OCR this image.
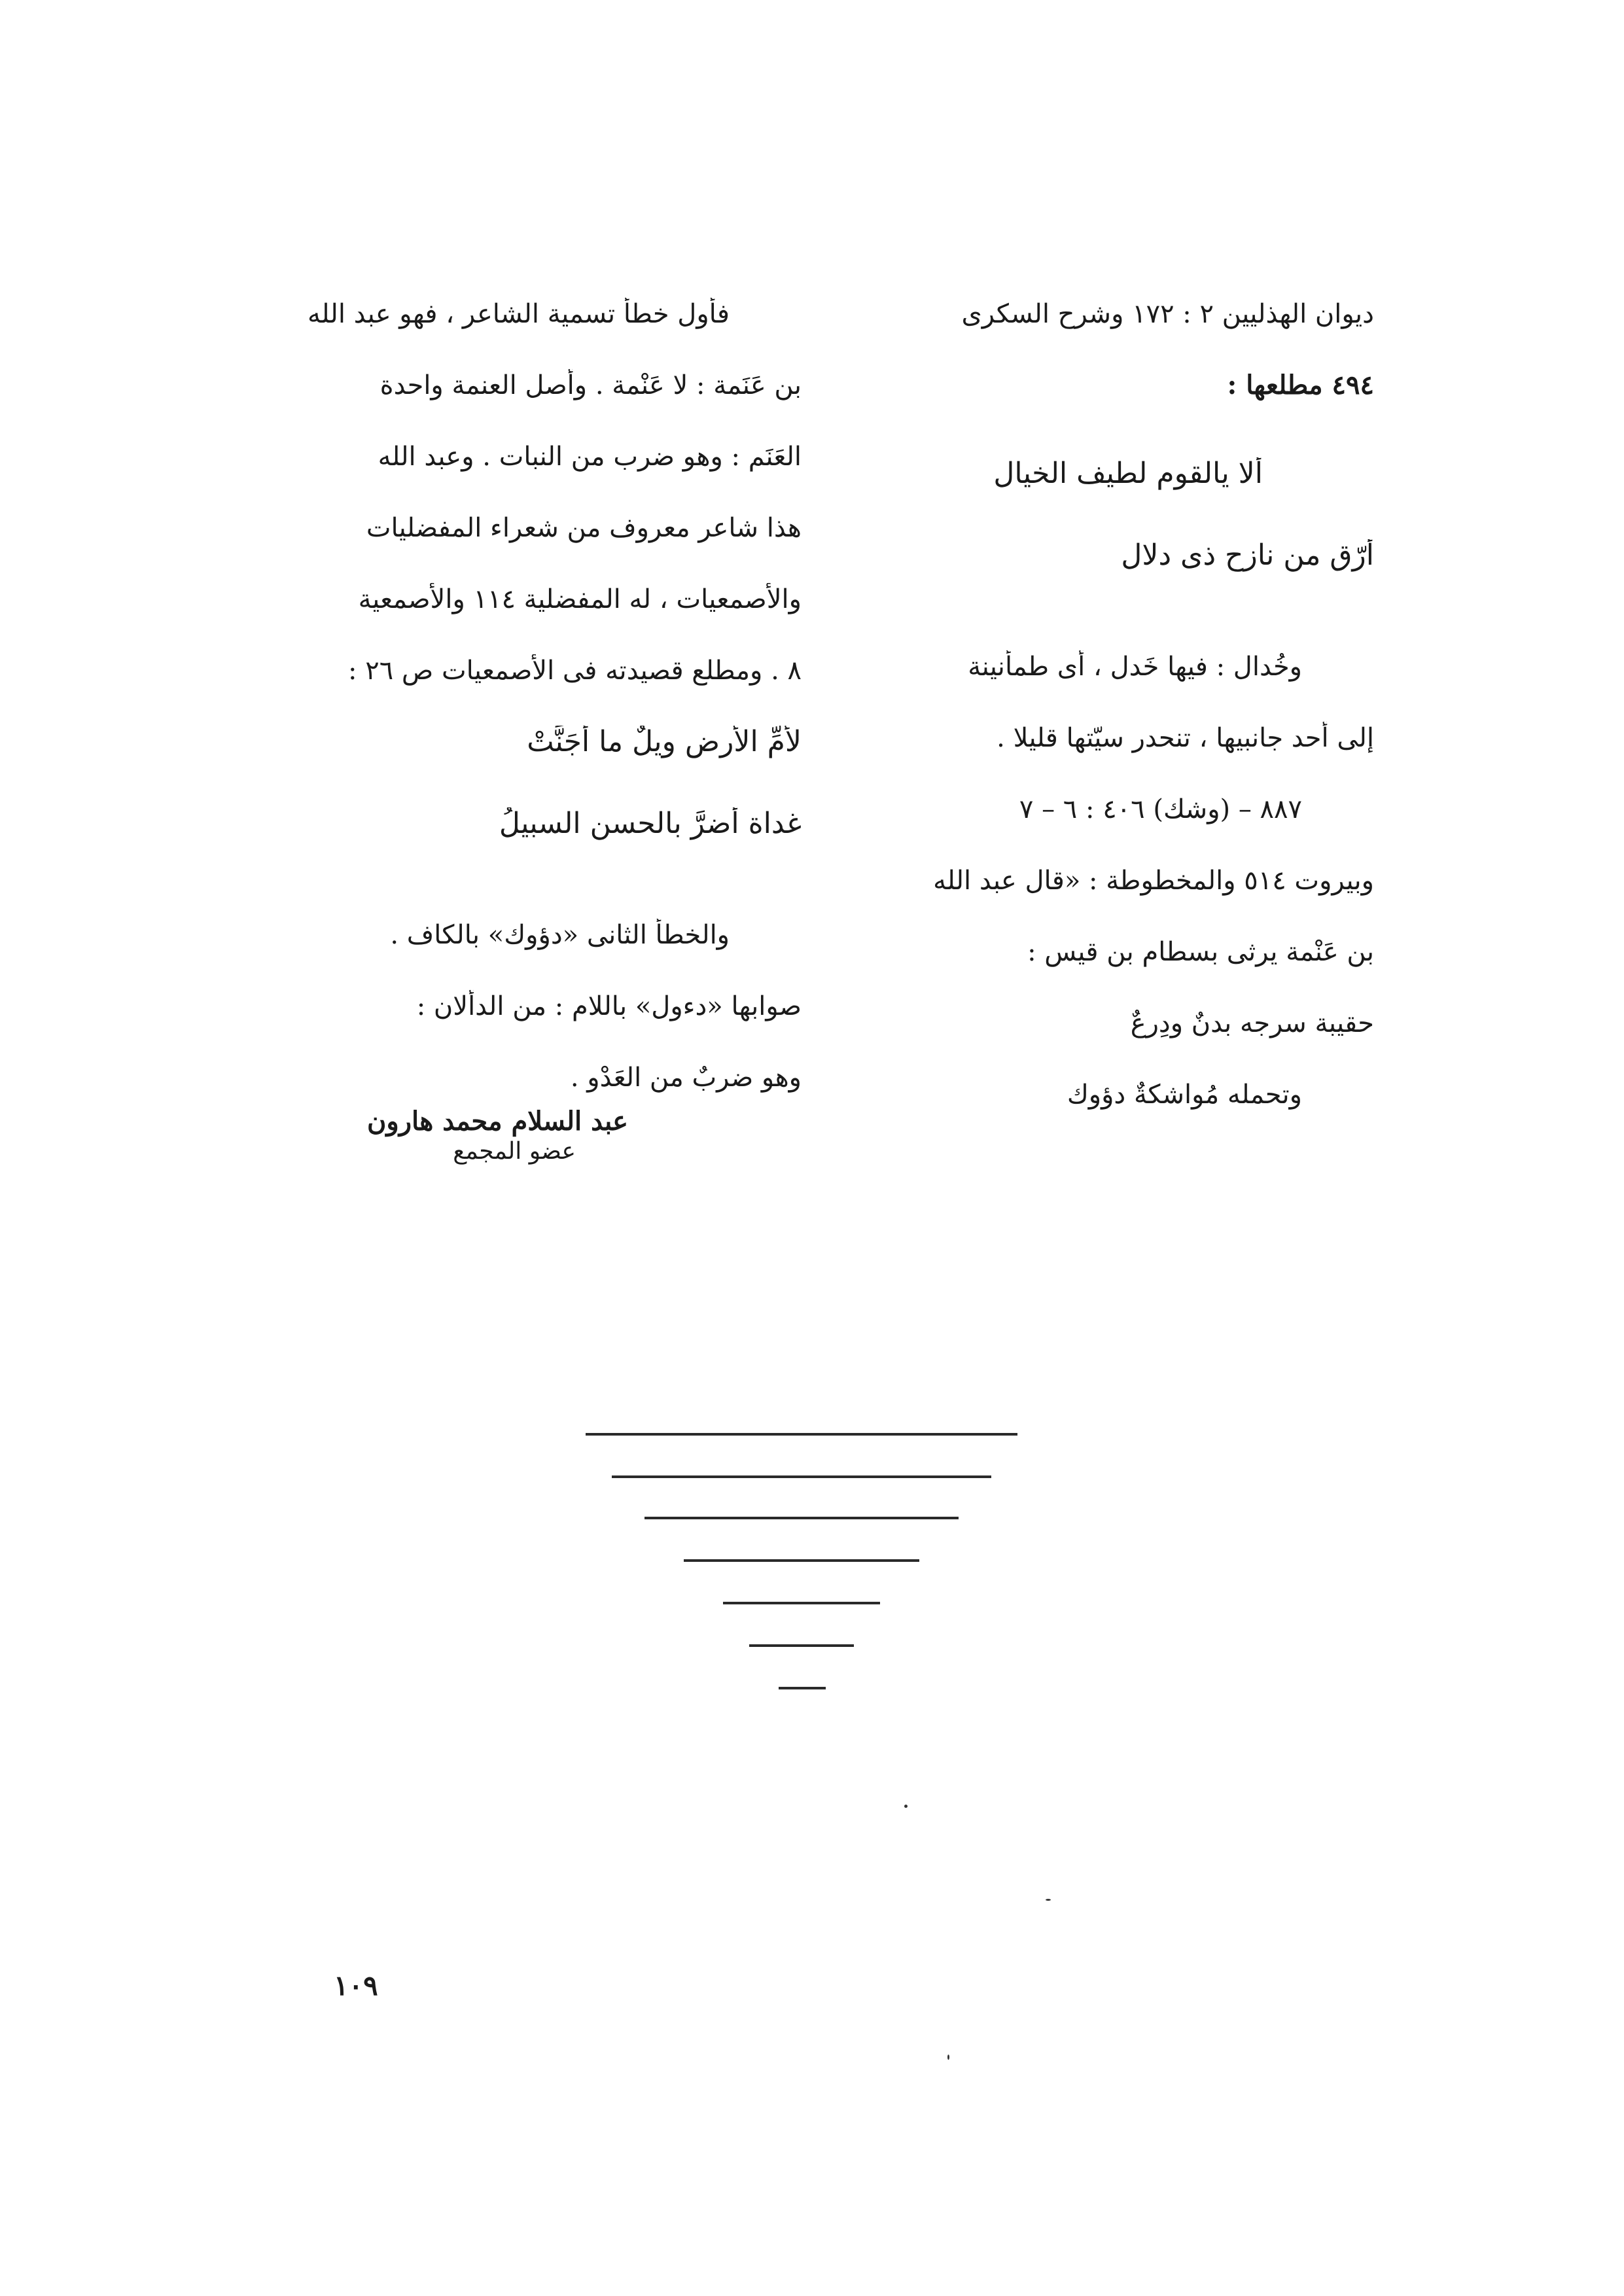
ديوان الهذليين ٢ : ١٧٢ وشرح السكرى
٤٩٤ مطلعها :
ألا يالقوم لطيف الخيال
أرّق من نازح ذى دلال
وخُدال : فيها خَدل ، أى طمأنينة
إلى أحد جانبيها ، تنحدر سيّتها قليلا .
٨٨٧ – (وشك) ٤٠٦ : ٦ – ٧
وبيروت ٥١٤ والمخطوطة : «قال عبد الله
بن عَنْمة يرثى بسطام بن قيس :
حقيبة سرجه بدنٌ ودِرعٌ
وتحمله مُواشكةٌ دؤوك
فأول خطأ تسمية الشاعر ، فهو عبد الله
بن عَنَمة : لا عَنْمة . وأصل العنمة واحدة
العَنَم : وهو ضرب من النبات . وعبد الله
هذا شاعر معروف من شعراء المفضليات
والأصمعيات ، له المفضلية ١١٤ والأصمعية
٨ . ومطلع قصيدته فى الأصمعيات ص ٢٦ :
لأمِّ الأرض ويلٌ ما أجَنَّتْ
غداة أضرَّ بالحسن السبيلُ
والخطأ الثانى «دؤوك» بالكاف .
صوابها «دءول» باللام : من الدألان :
وهو ضربٌ من العَدْو .
عبد السلام محمد هارون
عضو المجمع
١٠٩
